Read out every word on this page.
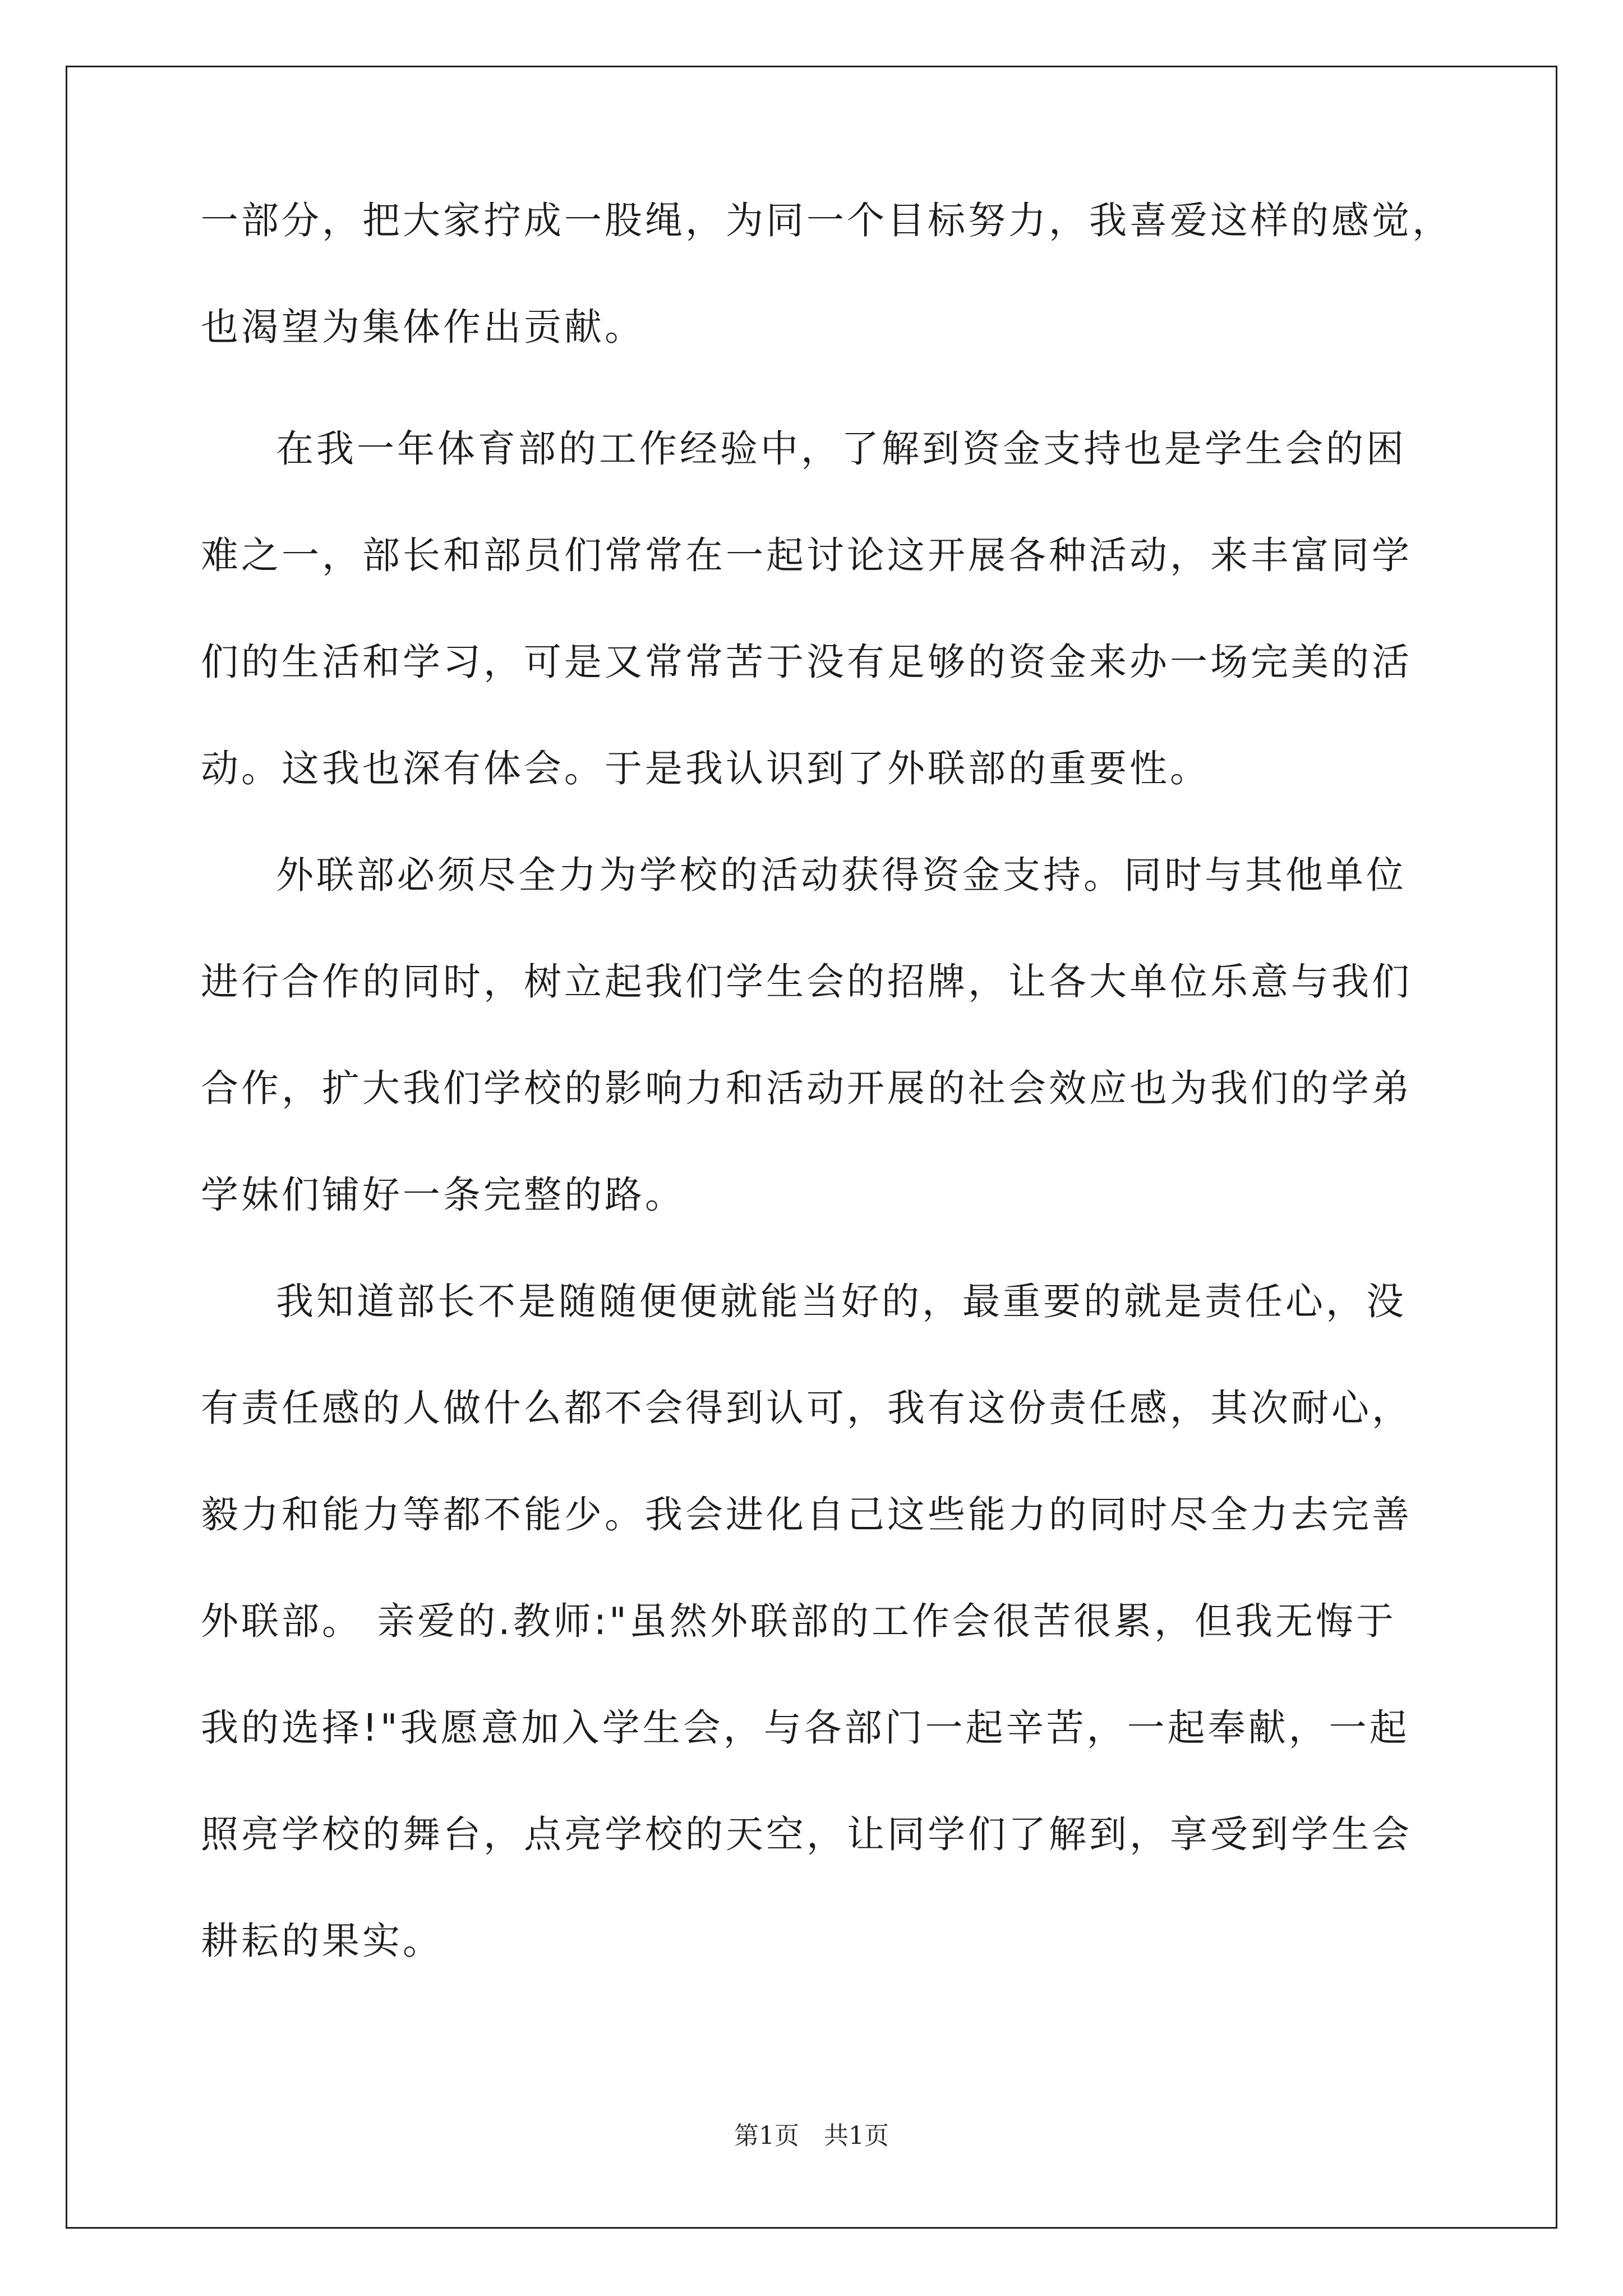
一部分，把大家拧成一股绳，为同一个目标努力，我喜爱这样的感觉，
也渴望为集体作出贡献。
在我一年体育部的工作经验中，了解到资金支持也是学生会的困
难之一，部长和部员们常常在一起讨论这开展各种活动，来丰富同学
们的生活和学习，可是又常常苦于没有足够的资金来办一场完美的活
动。这我也深有体会。于是我认识到了外联部的重要性。
外联部必须尽全力为学校的活动获得资金支持。同时与其他单位
进行合作的同时，树立起我们学生会的招牌，让各大单位乐意与我们
合作，扩大我们学校的影响力和活动开展的社会效应也为我们的学弟
学妹们铺好一条完整的路。
我知道部长不是随随便便就能当好的，最重要的就是责任心，没
有责任感的人做什么都不会得到认可，我有这份责任感，其次耐心，
毅力和能力等都不能少。我会进化自己这些能力的同时尽全力去完善
外联部。 亲爱的.教师:"虽然外联部的工作会很苦很累，但我无悔于
我的选择!"我愿意加入学生会，与各部门一起辛苦，一起奉献，一起
照亮学校的舞台，点亮学校的天空，让同学们了解到，享受到学生会
耕耘的果实。
第1页　共1页
